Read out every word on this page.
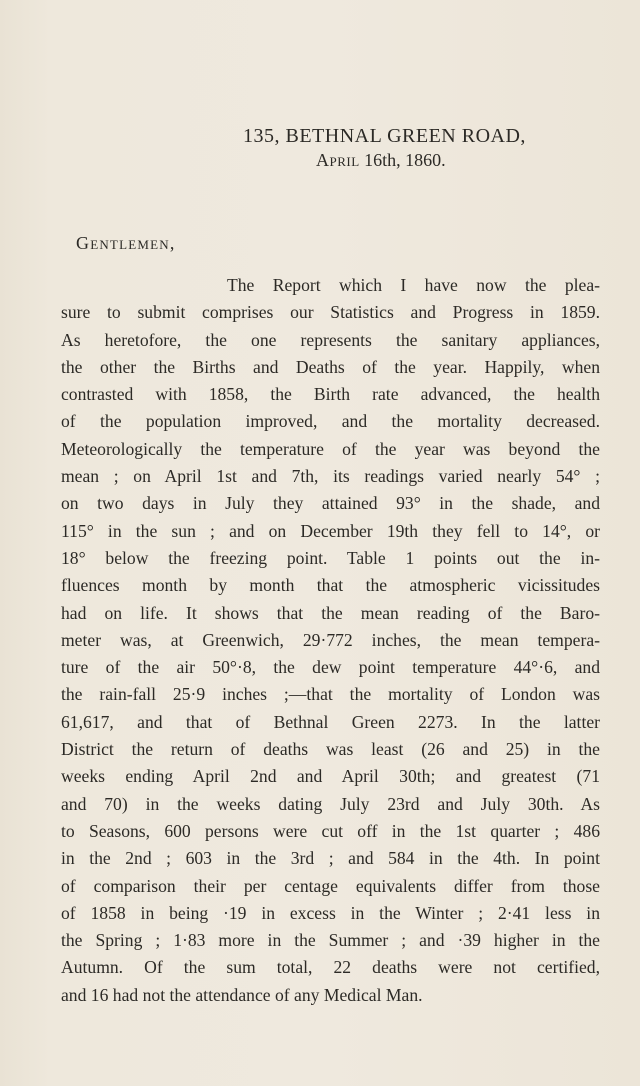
135, BETHNAL GREEN ROAD,
April 16th, 1860.
Gentlemen,
The Report which I have now the plea-
sure to submit comprises our Statistics and Progress in 1859.
As heretofore, the one represents the sanitary appliances,
the other the Births and Deaths of the year. Happily, when
contrasted with 1858, the Birth rate advanced, the health
of the population improved, and the mortality decreased.
Meteorologically the temperature of the year was beyond the
mean ; on April 1st and 7th, its readings varied nearly 54° ;
on two days in July they attained 93° in the shade, and
115° in the sun ; and on December 19th they fell to 14°, or
18° below the freezing point. Table 1 points out the in-
fluences month by month that the atmospheric vicissitudes
had on life. It shows that the mean reading of the Baro-
meter was, at Greenwich, 29·772 inches, the mean tempera-
ture of the air 50°·8, the dew point temperature 44°·6, and
the rain-fall 25·9 inches ;—that the mortality of London was
61,617, and that of Bethnal Green 2273. In the latter
District the return of deaths was least (26 and 25) in the
weeks ending April 2nd and April 30th; and greatest (71
and 70) in the weeks dating July 23rd and July 30th. As
to Seasons, 600 persons were cut off in the 1st quarter ; 486
in the 2nd ; 603 in the 3rd ; and 584 in the 4th. In point
of comparison their per centage equivalents differ from those
of 1858 in being ·19 in excess in the Winter ; 2·41 less in
the Spring ; 1·83 more in the Summer ; and ·39 higher in the
Autumn. Of the sum total, 22 deaths were not certified,
and 16 had not the attendance of any Medical Man.
